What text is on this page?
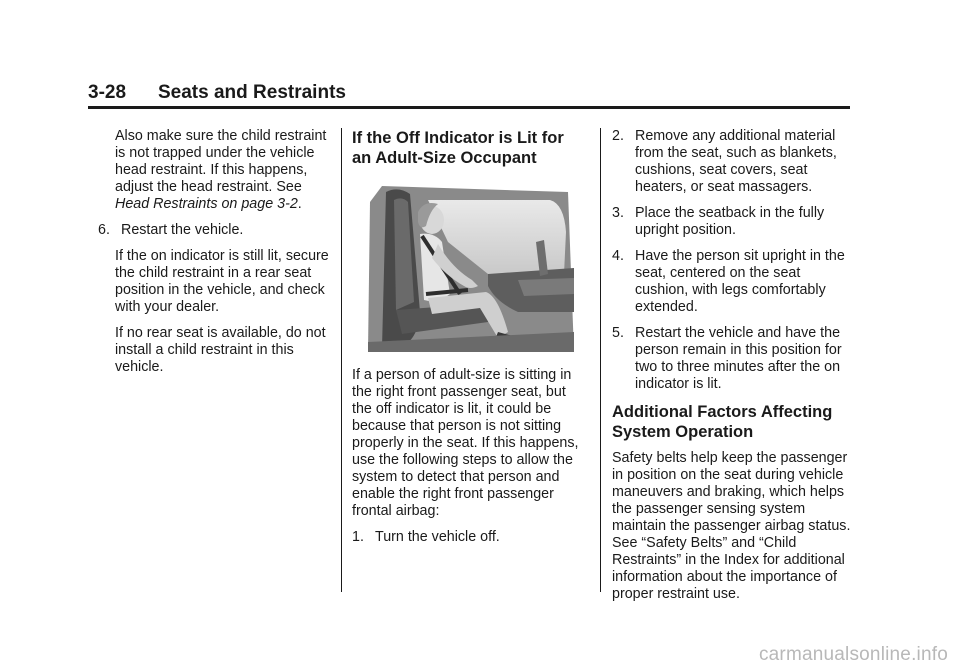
3-28 Seats and Restraints

Also make sure the child restraint is not trapped under the vehicle head restraint. If this happens, adjust the head restraint. See Head Restraints on page 3-2.

6. Restart the vehicle.

If the on indicator is still lit, secure the child restraint in a rear seat position in the vehicle, and check with your dealer.

If no rear seat is available, do not install a child restraint in this vehicle.

If the Off Indicator is Lit for an Adult-Size Occupant

If a person of adult-size is sitting in the right front passenger seat, but the off indicator is lit, it could be because that person is not sitting properly in the seat. If this happens, use the following steps to allow the system to detect that person and enable the right front passenger frontal airbag:

1. Turn the vehicle off.
2. Remove any additional material from the seat, such as blankets, cushions, seat covers, seat heaters, or seat massagers.
3. Place the seatback in the fully upright position.
4. Have the person sit upright in the seat, centered on the seat cushion, with legs comfortably extended.
5. Restart the vehicle and have the person remain in this position for two to three minutes after the on indicator is lit.
Additional Factors Affecting System Operation

Safety belts help keep the passenger in position on the seat during vehicle maneuvers and braking, which helps the passenger sensing system maintain the passenger airbag status. See “Safety Belts” and “Child Restraints” in the Index for additional information about the importance of proper restraint use.

carmanualsonline.info
